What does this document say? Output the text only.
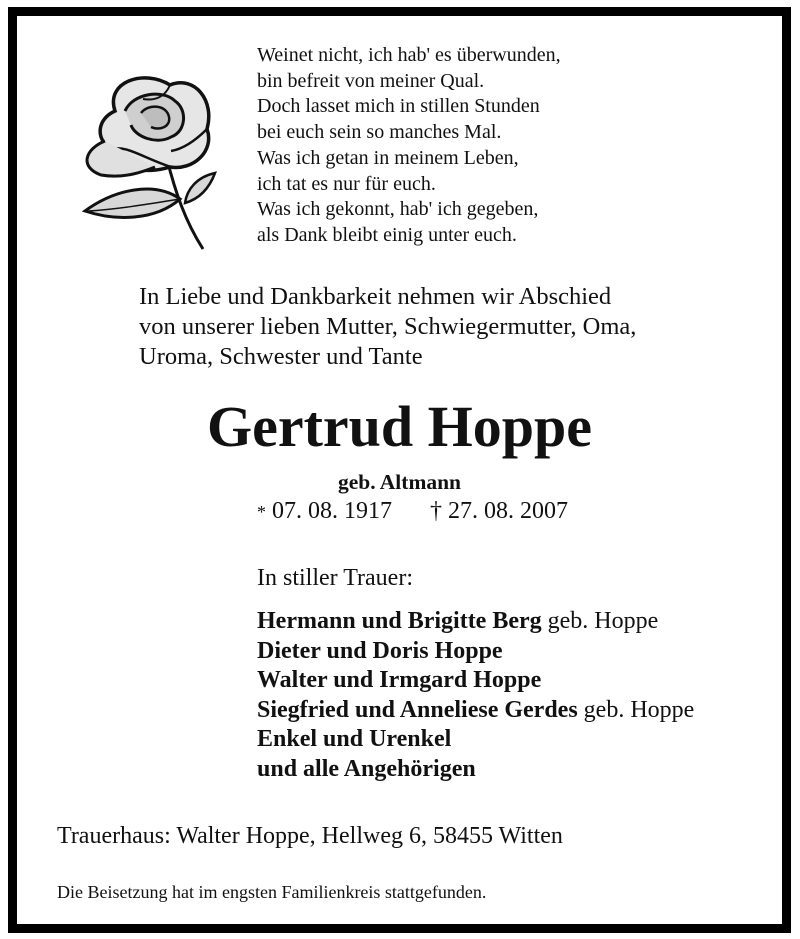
Weinet nicht, ich hab' es überwunden,
bin befreit von meiner Qual.
Doch lasset mich in stillen Stunden
bei euch sein so manches Mal.
Was ich getan in meinem Leben,
ich tat es nur für euch.
Was ich gekonnt, hab' ich gegeben,
als Dank bleibt einig unter euch.
In Liebe und Dankbarkeit nehmen wir Abschied
von unserer lieben Mutter, Schwiegermutter, Oma,
Uroma, Schwester und Tante
Gertrud Hoppe
geb. Altmann
* 07. 08. 1917 † 27. 08. 2007
In stiller Trauer:
Hermann und Brigitte Berg geb. Hoppe
Dieter und Doris Hoppe
Walter und Irmgard Hoppe
Siegfried und Anneliese Gerdes geb. Hoppe
Enkel und Urenkel
und alle Angehörigen
Trauerhaus: Walter Hoppe, Hellweg 6, 58455 Witten
Die Beisetzung hat im engsten Familienkreis stattgefunden.
